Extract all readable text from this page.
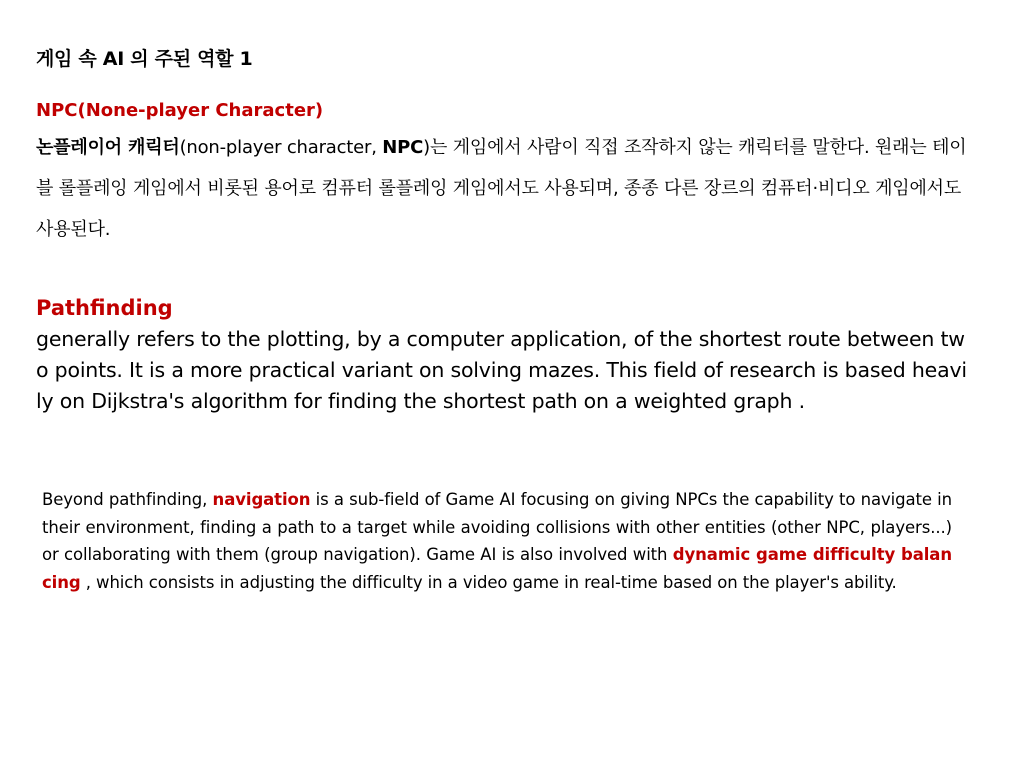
게임 속 AI 의 주된 역할 1

NPC(None-player Character)

논플레이어 캐릭터(non-player character, NPC)는 게임에서 사람이 직접 조작하지 않는 캐릭터를 말한다. 원래는 테이블 롤플레잉 게임에서 비롯된 용어로 컴퓨터 롤플레잉 게임에서도 사용되며, 종종 다른 장르의 컴퓨터·비디오 게임에서도 사용된다.

Pathfinding

generally refers to the plotting, by a computer application, of the shortest route between two points. It is a more practical variant on solving mazes. This field of research is based heavily on Dijkstra's algorithm for finding the shortest path on a weighted graph .

Beyond pathfinding, navigation is a sub-field of Game AI focusing on giving NPCs the capability to navigate in their environment, finding a path to a target while avoiding collisions with other entities (other NPC, players...) or collaborating with them (group navigation). Game AI is also involved with dynamic game difficulty balancing , which consists in adjusting the difficulty in a video game in real-time based on the player's ability.
